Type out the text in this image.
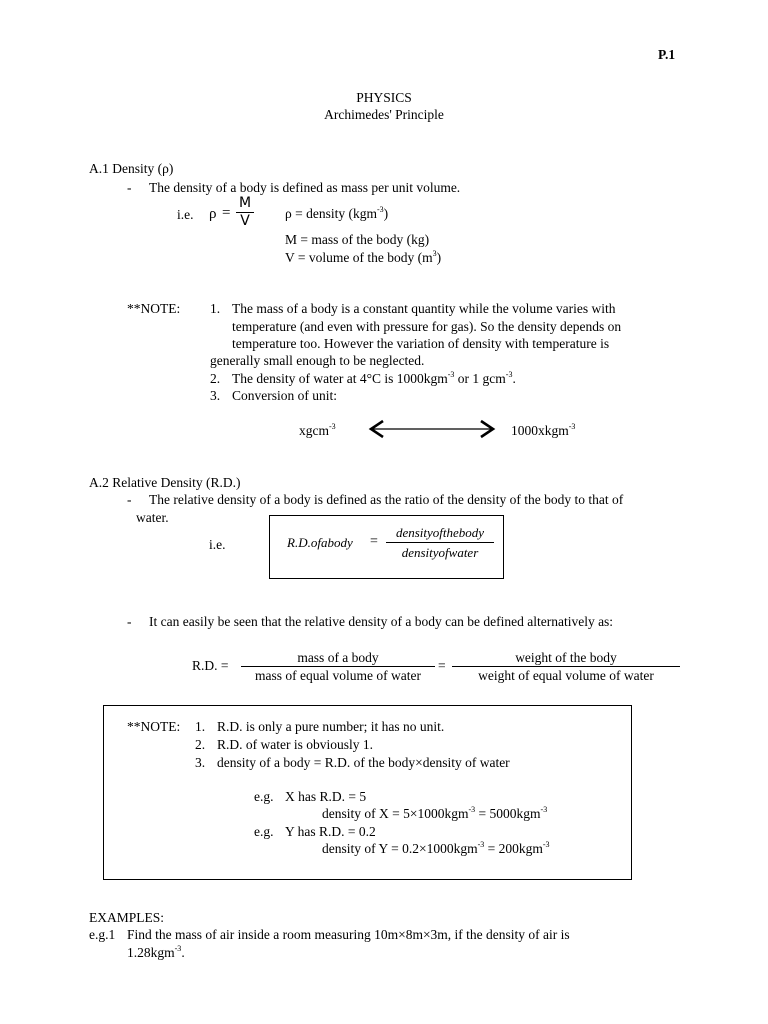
P.1
PHYSICS
Archimedes' Principle
A.1 Density (ρ)
- The density of a body is defined as mass per unit volume.
i.e. ρ =
M
V	ρ = density (kgm$^{-3}$)
M = mass of the body (kg)
V = volume of the body $(m^3)$
**NOTE: 1. The mass of a body is a constant quantity while the volume varies with
temperature (and even with pressure for gas). So the density depends on
temperature too. However the variation of density with temperature is
generally small enough to be neglected.
2. The density of water at 4°C is 1000kgm$^{-3}$ or 1 gcm$^{-3}$.
3. Conversion of unit:
xgcm$^{-3}$	1000xkgm$^{-3}$
A.2 Relative Density (R.D.)
- The relative density of a body is defined as the ratio of the density of the body to that of
water.
i.e.	R.D.ofabody =
densityofthebody
densityofwater
- It can easily be seen that the relative density of a body can be defined alternatively as:
R.D. =
mass of a body
mass of equal volume of water
=
weight of the body
weight of equal volume of water
**NOTE: 1. R.D. is only a pure number; it has no unit.
2. R.D. of water is obviously 1.
3. density of a body = R.D. of the body×density of water
e.g. X has R.D. = 5
density of X = 5×1000kgm$^{-3}$ = 5000kgm$^{-3}$
e.g. Y has R.D. = 0.2
density of Y = 0.2×1000kgm$^{-3}$ = 200kgm$^{-3}$
EXAMPLES:
e.g.1 Find the mass of air inside a room measuring 10m×8m×3m, if the density of air is
1.28kgm$^{-3}$.
